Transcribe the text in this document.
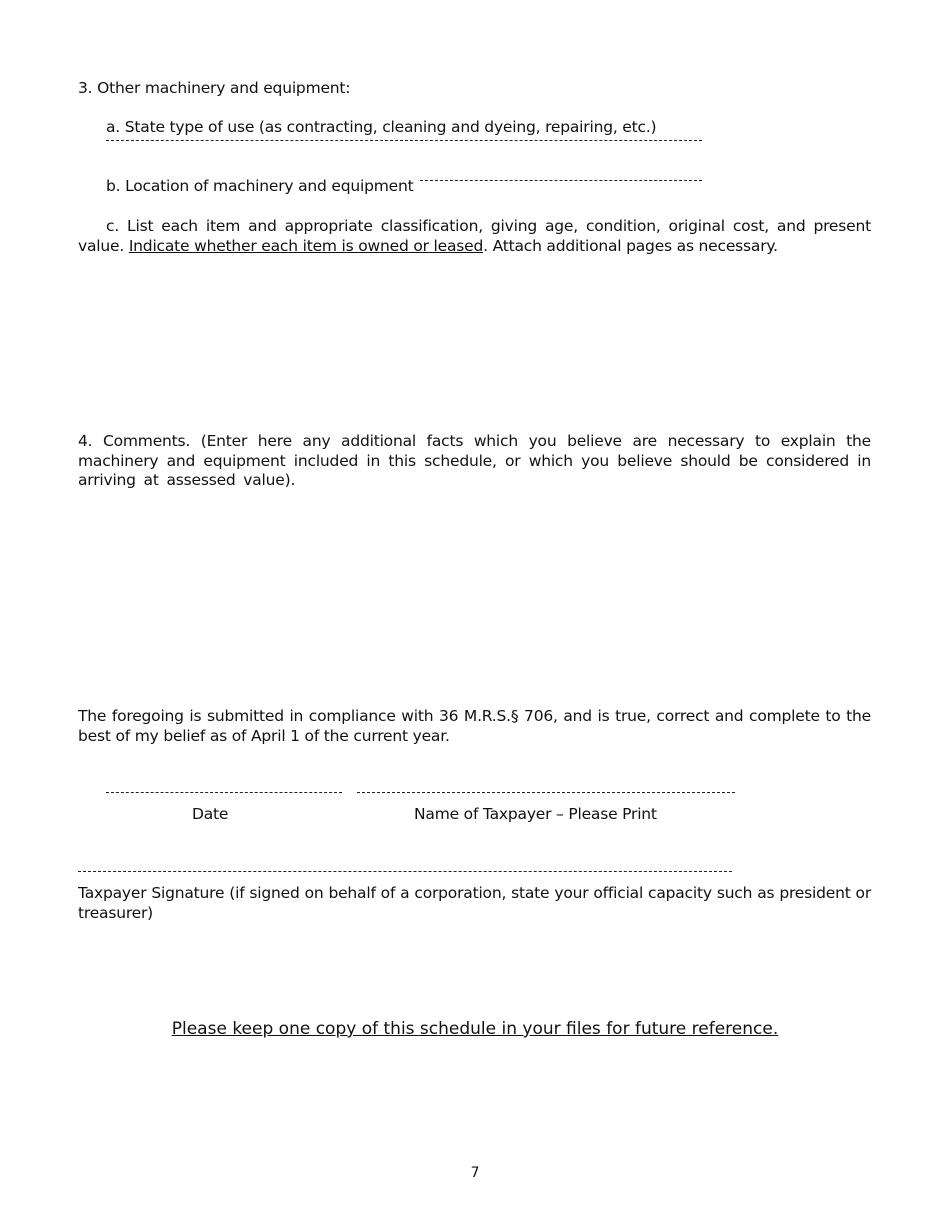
3. Other machinery and equipment:

a. State type of use (as contracting, cleaning and dyeing, repairing, etc.)

b. Location of machinery and equipment

c. List each item and appropriate classification, giving age, condition, original cost, and present value. Indicate whether each item is owned or leased. Attach additional pages as necessary.

4. Comments. (Enter here any additional facts which you believe are necessary to explain the machinery and equipment included in this schedule, or which you believe should be considered in arriving at assessed value).

The foregoing is submitted in compliance with 36 M.R.S.§ 706, and is true, correct and complete to the best of my belief as of April 1 of the current year.

Date	Name of Taxpayer – Please Print

Taxpayer Signature (if signed on behalf of a corporation, state your official capacity such as president or treasurer)

Please keep one copy of this schedule in your files for future reference.

7
